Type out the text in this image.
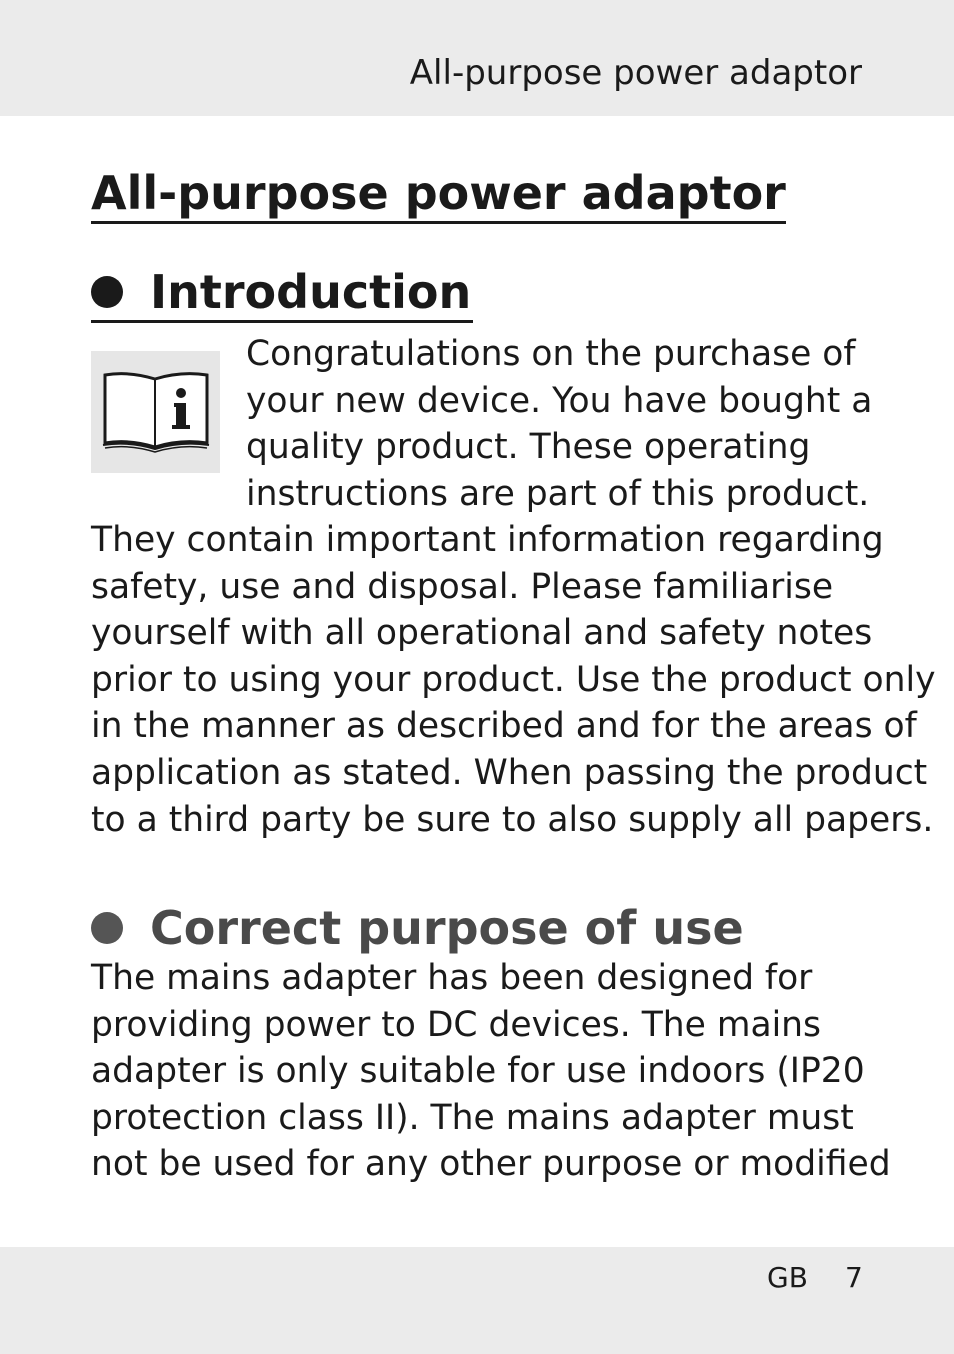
All-purpose power adaptor
All-purpose power adaptor
Introduction
Congratulations on the purchase of
your new device. You have bought a
quality product. These operating
instructions are part of this product.
They contain important information regarding
safety, use and disposal. Please familiarise
yourself with all operational and safety notes
prior to using your product. Use the product only
in the manner as described and for the areas of
application as stated. When passing the product
to a third party be sure to also supply all papers.
Correct purpose of use
The mains adapter has been designed for
providing power to DC devices. The mains
adapter is only suitable for use indoors (IP20
protection class II). The mains adapter must
not be used for any other purpose or modified
GB 7
